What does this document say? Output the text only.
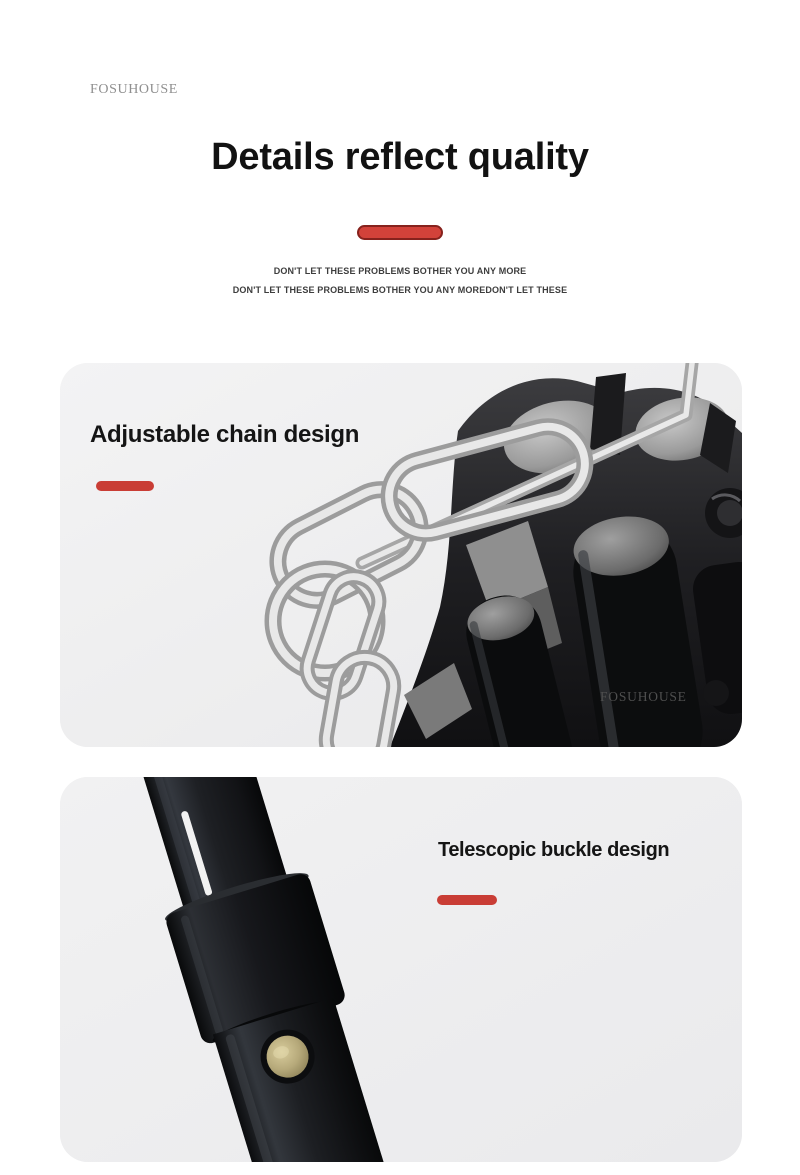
FOSUHOUSE
Details reflect quality
DON'T LET THESE PROBLEMS BOTHER YOU ANY MORE
DON'T LET THESE PROBLEMS BOTHER YOU ANY MOREDON'T LET THESE
FOSUHOUSE
Adjustable chain design
Telescopic buckle design
